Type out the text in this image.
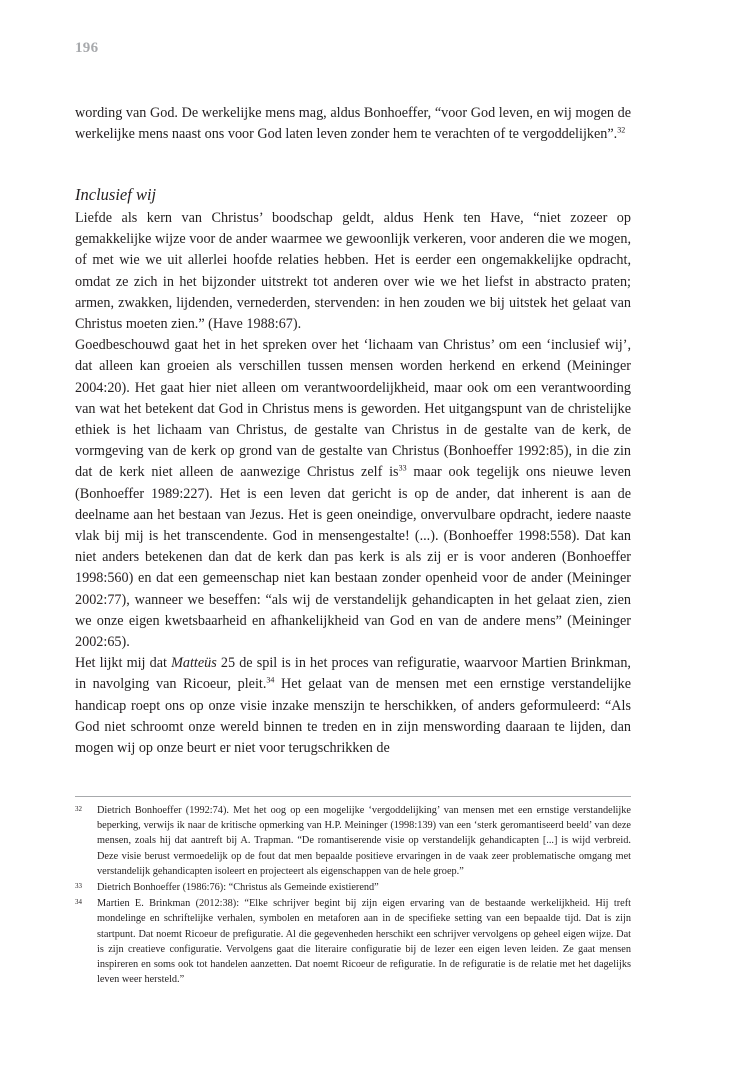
196

wording van God. De werkelijke mens mag, aldus Bonhoeffer, “voor God leven, en wij mogen de werkelijke mens naast ons voor God laten leven zonder hem te verachten of te vergoddelijken”.$^{32}$

Inclusief wij

Liefde als kern van Christus’ boodschap geldt, aldus Henk ten Have, “niet zozeer op gemakkelijke wijze voor de ander waarmee we gewoonlijk verkeren, voor anderen die we mogen, of met wie we uit allerlei hoofde relaties hebben. Het is eerder een ongemakkelijke opdracht, omdat ze zich in het bijzonder uitstrekt tot anderen over wie we het liefst in abstracto praten; armen, zwakken, lijdenden, vernederden, stervenden: in hen zouden we bij uitstek het gelaat van Christus moeten zien.” (Have 1988:67).

Goedbeschouwd gaat het in het spreken over het ‘lichaam van Christus’ om een ‘inclusief wij’, dat alleen kan groeien als verschillen tussen mensen worden herkend en erkend (Meininger 2004:20). Het gaat hier niet alleen om verantwoordelijkheid, maar ook om een verantwoording van wat het betekent dat God in Christus mens is geworden. Het uitgangspunt van de christelijke ethiek is het lichaam van Christus, de gestalte van Christus in de gestalte van de kerk, de vormgeving van de kerk op grond van de gestalte van Christus (Bonhoeffer 1992:85), in die zin dat de kerk niet alleen de aanwezige Christus zelf $is^{33}$ maar ook tegelijk ons nieuwe leven (Bonhoeffer 1989:227). Het is een leven dat gericht is op de ander, dat inherent is aan de deelname aan het bestaan van Jezus. Het is geen oneindige, onvervulbare opdracht, iedere naaste vlak bij mij is het transcendente. God in mensengestalte! (...). (Bonhoeffer 1998:558). Dat kan niet anders betekenen dan dat de kerk dan pas kerk is als zij er is voor anderen (Bonhoeffer 1998:560) en dat een gemeenschap niet kan bestaan zonder openheid voor de ander (Meininger 2002:77), wanneer we beseffen: “als wij de verstandelijk gehandicapten in het gelaat zien, zien we onze eigen kwetsbaarheid en afhankelijkheid van God en van de andere mens” (Meininger 2002:65).

Het lijkt mij dat Matteüs 25 de spil is in het proces van refiguratie, waarvoor Martien Brinkman, in navolging van Ricoeur, pleit.$^{34}$ Het gelaat van de mensen met een ernstige verstandelijke handicap roept ons op onze visie inzake menszijn te herschikken, of anders geformuleerd: “Als God niet schroomt onze wereld binnen te treden en in zijn menswording daaraan te lijden, dan mogen wij op onze beurt er niet voor terugschrikken de

32	Dietrich Bonhoeffer (1992:74). Met het oog op een mogelijke ‘vergoddelijking’ van mensen met een ernstige verstandelijke beperking, verwijs ik naar de kritische opmerking van H.P. Meininger (1998:139) van een ‘sterk geromantiseerd beeld’ van deze mensen, zoals hij dat aantreft bij A. Trapman. “De romantiserende visie op verstandelijk gehandicapten [...] is wijd verbreid. Deze visie berust vermoedelijk op de fout dat men bepaalde positieve ervaringen in de vaak zeer problematische omgang met verstandelijk gehandicapten isoleert en projecteert als eigenschappen van de hele groep.”
33	Dietrich Bonhoeffer (1986:76): “Christus als Gemeinde existierend”
34	Martien E. Brinkman (2012:38): “Elke schrijver begint bij zijn eigen ervaring van de bestaande werkelijkheid. Hij treft mondelinge en schriftelijke verhalen, symbolen en metaforen aan in de specifieke setting van een bepaalde tijd. Dat is zijn startpunt. Dat noemt Ricoeur de prefiguratie. Al die gegevenheden herschikt een schrijver vervolgens op geheel eigen wijze. Dat is zijn creatieve configuratie. Vervolgens gaat die literaire configuratie bij de lezer een eigen leven leiden. Ze gaat mensen inspireren en soms ook tot handelen aanzetten. Dat noemt Ricoeur de refiguratie. In de refiguratie is de relatie met het dagelijks leven weer hersteld.”
